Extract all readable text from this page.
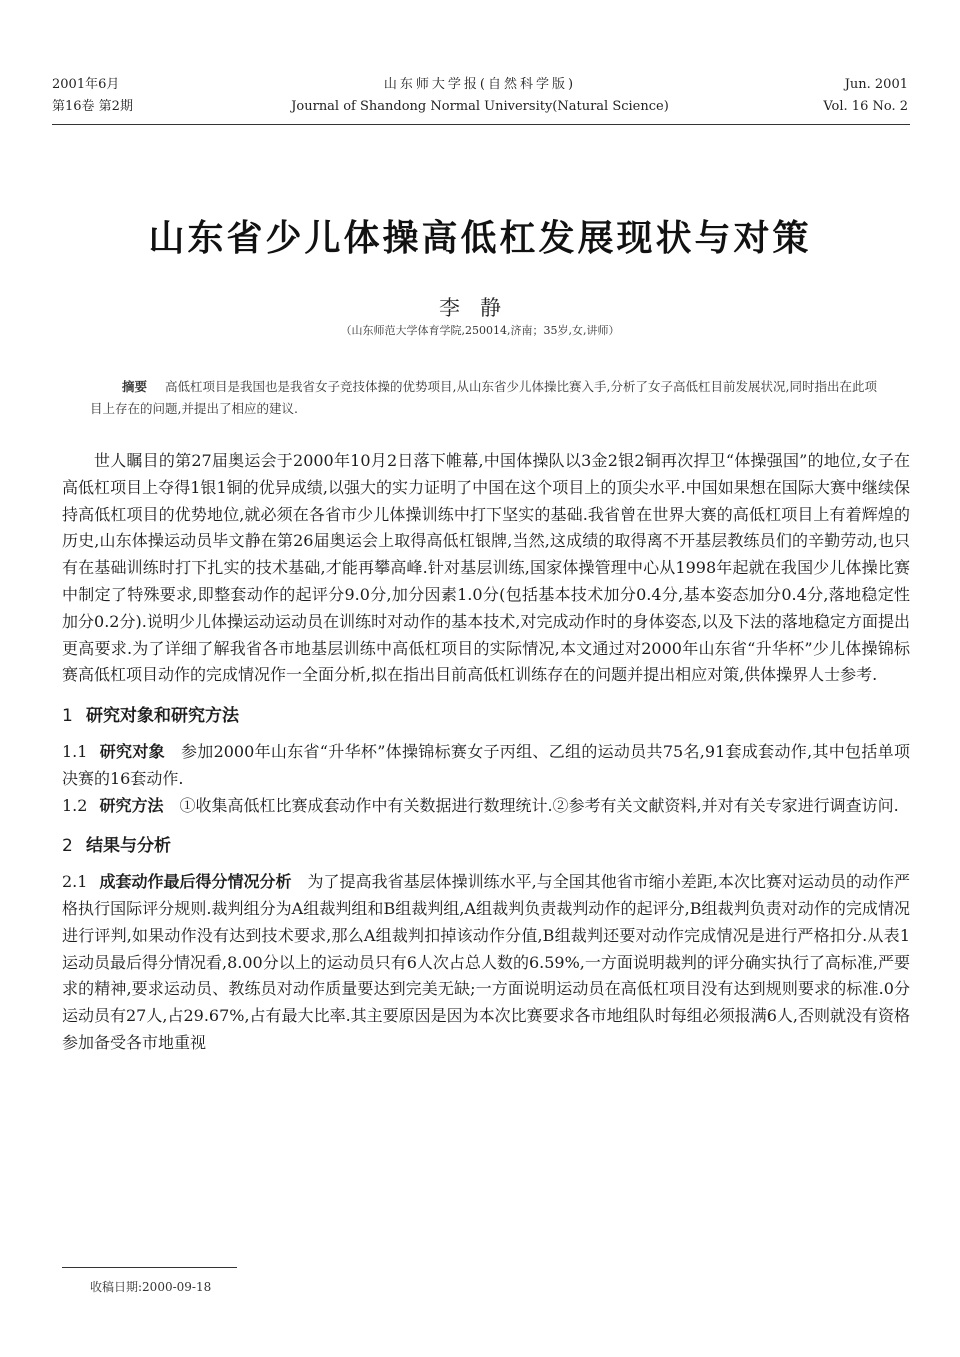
2001年6月
第16卷 第2期
山东师大学报(自然科学版)
Journal of Shandong Normal University(Natural Science)
Jun. 2001
Vol. 16 No. 2
山东省少儿体操高低杠发展现状与对策
李静
（山东师范大学体育学院,250014,济南；35岁,女,讲师）
摘要 高低杠项目是我国也是我省女子竞技体操的优势项目,从山东省少儿体操比赛入手,分析了女子高低杠目前发展状况,同时指出在此项目上存在的问题,并提出了相应的建议.

世人瞩目的第27届奥运会于2000年10月2日落下帷幕,中国体操队以3金2银2铜再次捍卫“体操强国”的地位,女子在高低杠项目上夺得1银1铜的优异成绩,以强大的实力证明了中国在这个项目上的顶尖水平.中国如果想在国际大赛中继续保持高低杠项目的优势地位,就必须在各省市少儿体操训练中打下坚实的基础.我省曾在世界大赛的高低杠项目上有着辉煌的历史,山东体操运动员毕文静在第26届奥运会上取得高低杠银牌,当然,这成绩的取得离不开基层教练员们的辛勤劳动,也只有在基础训练时打下扎实的技术基础,才能再攀高峰.针对基层训练,国家体操管理中心从1998年起就在我国少儿体操比赛中制定了特殊要求,即整套动作的起评分9.0分,加分因素1.0分(包括基本技术加分0.4分,基本姿态加分0.4分,落地稳定性加分0.2分).说明少儿体操运动运动员在训练时对动作的基本技术,对完成动作时的身体姿态,以及下法的落地稳定方面提出更高要求.为了详细了解我省各市地基层训练中高低杠项目的实际情况,本文通过对2000年山东省“升华杯”少儿体操锦标赛高低杠项目动作的完成情况作一全面分析,拟在指出目前高低杠训练存在的问题并提出相应对策,供体操界人士参考.

1 研究对象和研究方法

1.1 研究对象 参加2000年山东省“升华杯”体操锦标赛女子丙组、乙组的运动员共75名,91套成套动作,其中包括单项决赛的16套动作.

1.2 研究方法 ①收集高低杠比赛成套动作中有关数据进行数理统计.②参考有关文献资料,并对有关专家进行调查访问.

2 结果与分析

2.1 成套动作最后得分情况分析 为了提高我省基层体操训练水平,与全国其他省市缩小差距,本次比赛对运动员的动作严格执行国际评分规则.裁判组分为A组裁判组和B组裁判组,A组裁判负责裁判动作的起评分,B组裁判负责对动作的完成情况进行评判,如果动作没有达到技术要求,那么A组裁判扣掉该动作分值,B组裁判还要对动作完成情况是进行严格扣分.从表1运动员最后得分情况看,8.00分以上的运动员只有6人次占总人数的6.59%,一方面说明裁判的评分确实执行了高标准,严要求的精神,要求运动员、教练员对动作质量要达到完美无缺;一方面说明运动员在高低杠项目没有达到规则要求的标准.0分运动员有27人,占29.67%,占有最大比率.其主要原因是因为本次比赛要求各市地组队时每组必须报满6人,否则就没有资格参加备受各市地重视

收稿日期:2000-09-18
